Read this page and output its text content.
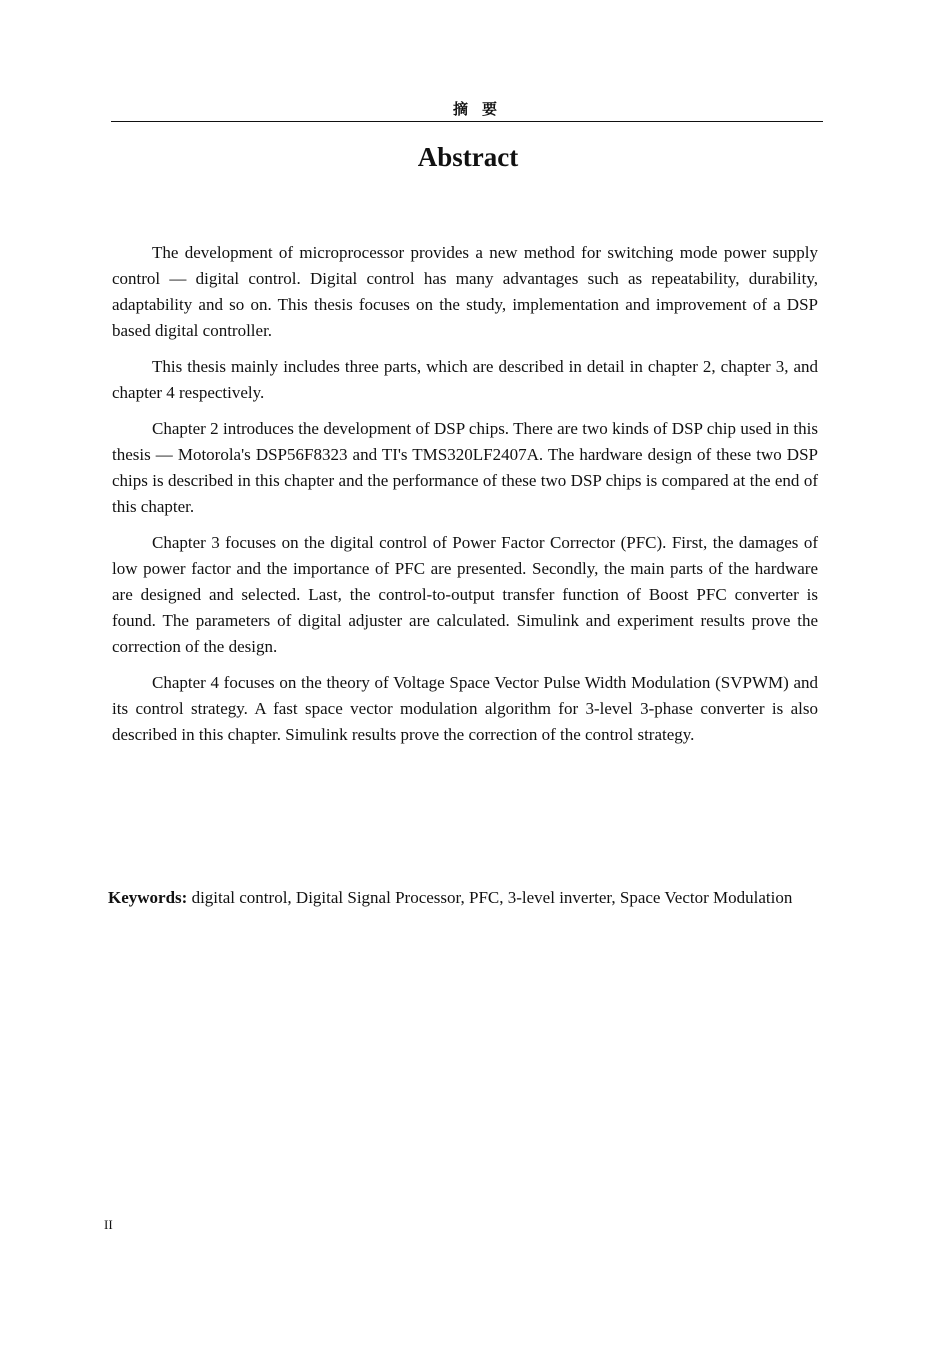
摘要
Abstract

The development of microprocessor provides a new method for switching mode power supply control — digital control. Digital control has many advantages such as repeatability, durability, adaptability and so on. This thesis focuses on the study, implementation and improvement of a DSP based digital controller.

This thesis mainly includes three parts, which are described in detail in chapter 2, chapter 3, and chapter 4 respectively.

Chapter 2 introduces the development of DSP chips. There are two kinds of DSP chip used in this thesis — Motorola's DSP56F8323 and TI's TMS320LF2407A. The hardware design of these two DSP chips is described in this chapter and the performance of these two DSP chips is compared at the end of this chapter.

Chapter 3 focuses on the digital control of Power Factor Corrector (PFC). First, the damages of low power factor and the importance of PFC are presented. Secondly, the main parts of the hardware are designed and selected. Last, the control-to-output transfer function of Boost PFC converter is found. The parameters of digital adjuster are calculated. Simulink and experiment results prove the correction of the design.

Chapter 4 focuses on the theory of Voltage Space Vector Pulse Width Modulation (SVPWM) and its control strategy. A fast space vector modulation algorithm for 3-level 3-phase converter is also described in this chapter. Simulink results prove the correction of the control strategy.

Keywords: digital control, Digital Signal Processor, PFC, 3-level inverter, Space Vector Modulation
II
